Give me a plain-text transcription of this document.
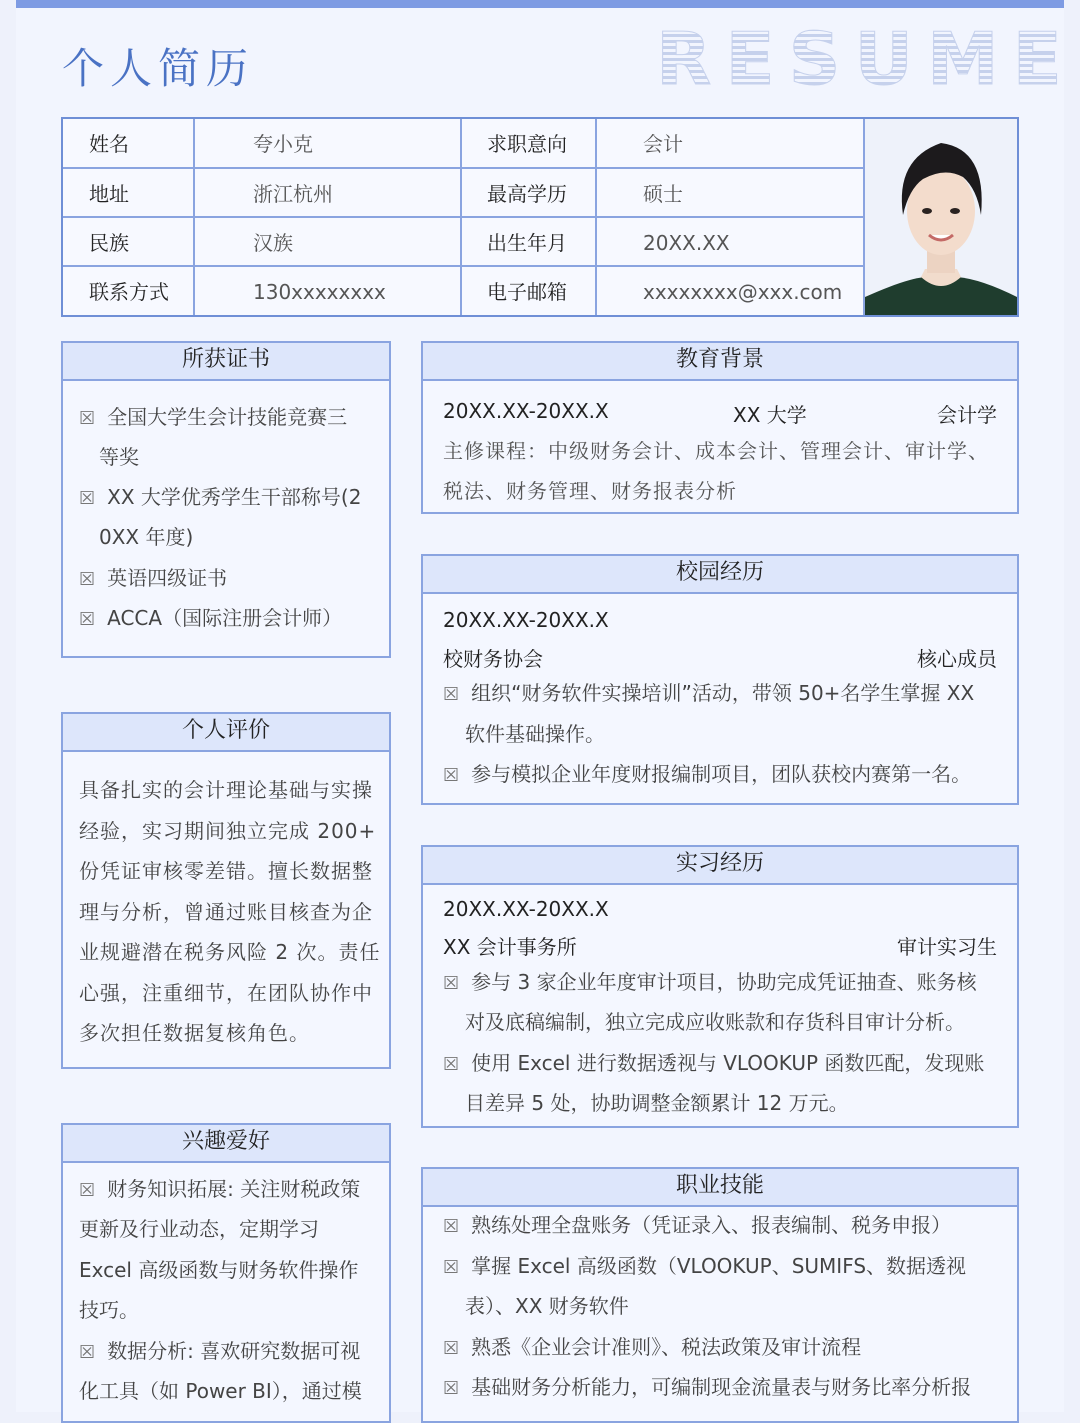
个人简历	RESUME
姓名	夸小克	求职意向	会计
地址	浙江杭州	最高学历	硕士
民族	汉族	出生年月	20XX.XX
联系方式	130xxxxxxxx	电子邮箱	xxxxxxxx@xxx.com
所获证书
☒ 全国大学生会计技能竞赛三
等奖
☒ XX 大学优秀学生干部称号(2
0XX 年度)
☒ 英语四级证书
☒ ACCA（国际注册会计师）
个人评价
具备扎实的会计理论基础与实操
经验，实习期间独立完成 200+
份凭证审核零差错。擅长数据整
理与分析，曾通过账目核查为企
业规避潜在税务风险 2 次。责任
心强，注重细节，在团队协作中
多次担任数据复核角色。
兴趣爱好
☒ 财务知识拓展: 关注财税政策
更新及行业动态，定期学习
Excel 高级函数与财务软件操作
技巧。
☒ 数据分析: 喜欢研究数据可视
化工具（如 Power BI），通过模
教育背景
20XX.XX-20XX.X	XX 大学	会计学
主修课程：中级财务会计、成本会计、管理会计、审计学、
税法、财务管理、财务报表分析
校园经历
20XX.XX-20XX.X
校财务协会	核心成员
☒ 组织“财务软件实操培训”活动，带领 50+名学生掌握 XX
软件基础操作。
☒ 参与模拟企业年度财报编制项目，团队获校内赛第一名。
实习经历
20XX.XX-20XX.X
XX 会计事务所	审计实习生
☒ 参与 3 家企业年度审计项目，协助完成凭证抽查、账务核
对及底稿编制，独立完成应收账款和存货科目审计分析。
☒ 使用 Excel 进行数据透视与 VLOOKUP 函数匹配，发现账
目差异 5 处，协助调整金额累计 12 万元。
职业技能
☒ 熟练处理全盘账务（凭证录入、报表编制、税务申报）
☒ 掌握 Excel 高级函数（VLOOKUP、SUMIFS、数据透视
表）、XX 财务软件
☒ 熟悉《企业会计准则》、税法政策及审计流程
☒ 基础财务分析能力，可编制现金流量表与财务比率分析报
